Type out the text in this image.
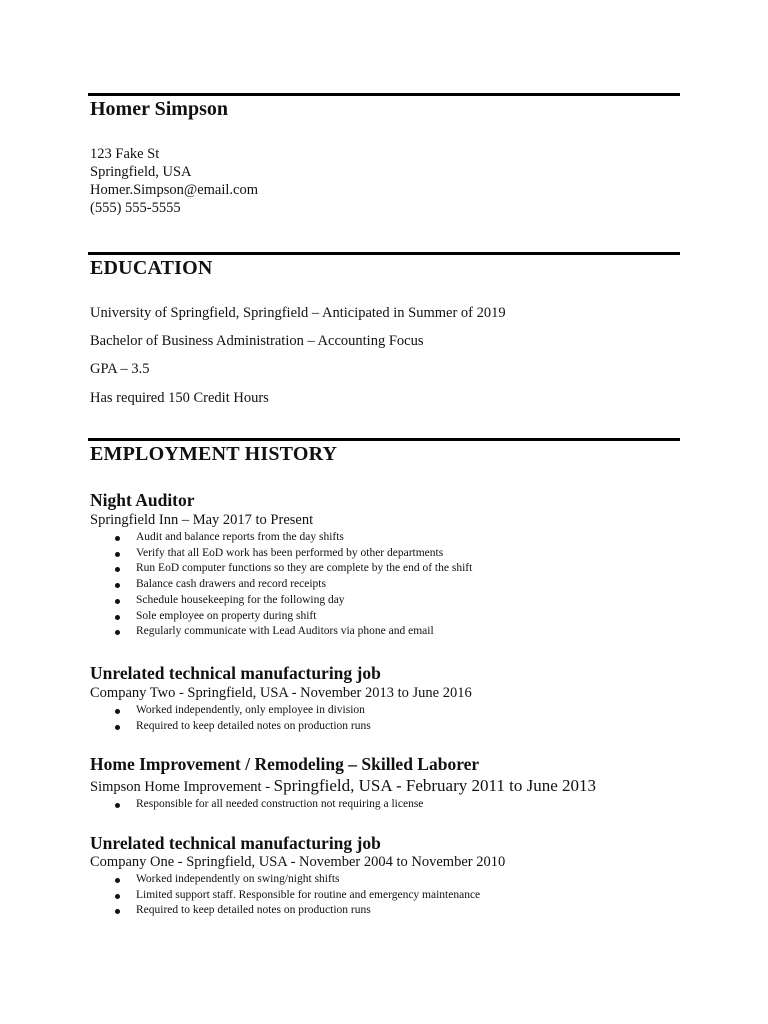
Homer Simpson
123 Fake St
Springfield, USA
Homer.Simpson@email.com
(555) 555-5555
EDUCATION
University of Springfield, Springfield – Anticipated in Summer of 2019
Bachelor of Business Administration – Accounting Focus
GPA – 3.5
Has required 150 Credit Hours
EMPLOYMENT HISTORY
Night Auditor
Springfield Inn – May 2017 to Present
Audit and balance reports from the day shifts
Verify that all EoD work has been performed by other departments
Run EoD computer functions so they are complete by the end of the shift
Balance cash drawers and record receipts
Schedule housekeeping for the following day
Sole employee on property during shift
Regularly communicate with Lead Auditors via phone and email
Unrelated technical manufacturing job
Company Two - Springfield, USA - November 2013 to June 2016
Worked independently, only employee in division
Required to keep detailed notes on production runs
Home Improvement / Remodeling – Skilled Laborer
Simpson Home Improvement - Springfield, USA - February 2011 to June 2013
Responsible for all needed construction not requiring a license
Unrelated technical manufacturing job
Company One - Springfield, USA - November 2004 to November 2010
Worked independently on swing/night shifts
Limited support staff. Responsible for routine and emergency maintenance
Required to keep detailed notes on production runs
